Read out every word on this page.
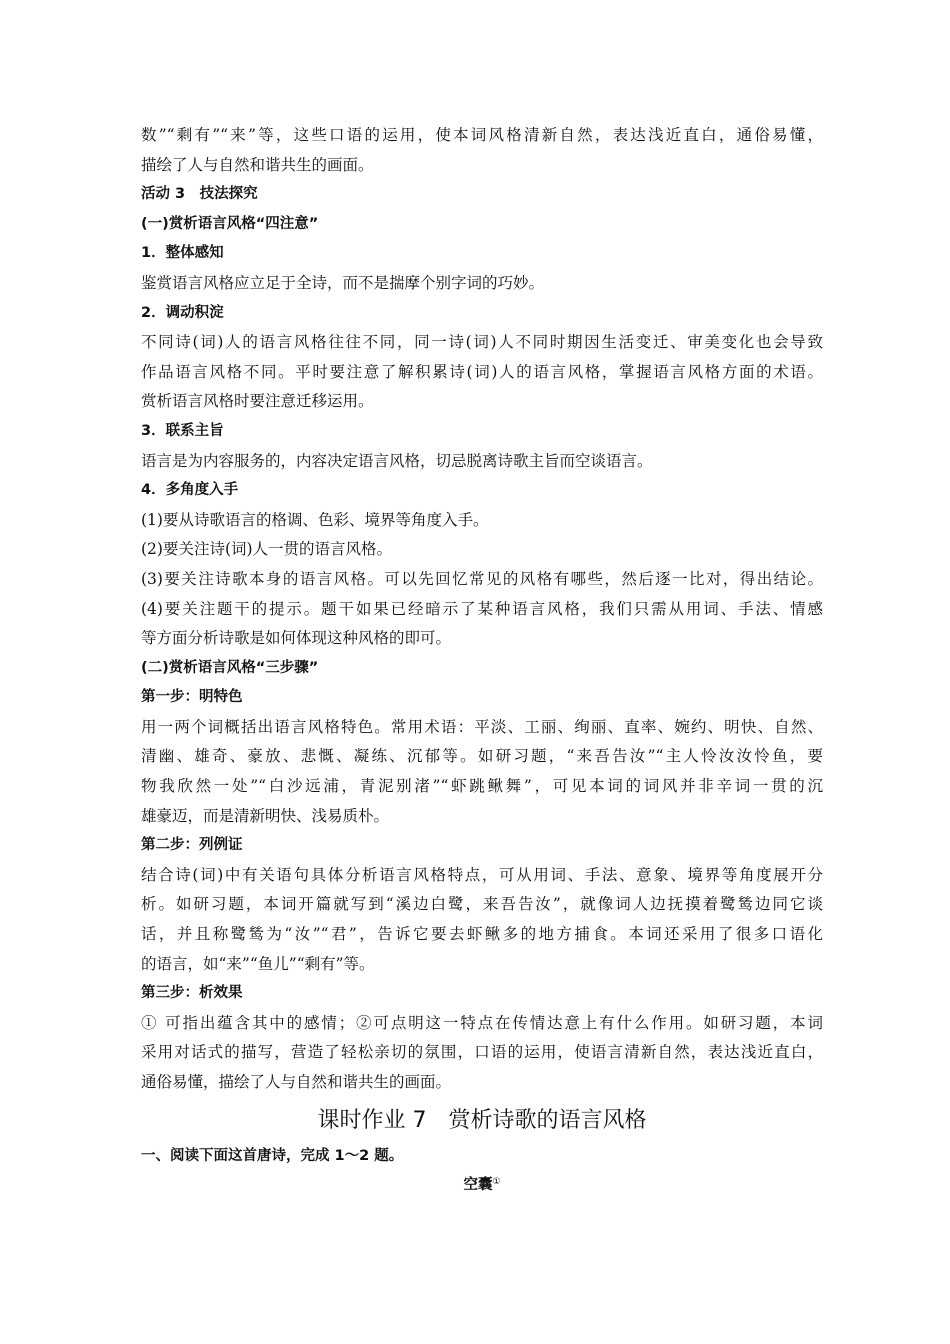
数”“剩有”“来”等，这些口语的运用，使本词风格清新自然，表达浅近直白，通俗易懂，
描绘了人与自然和谐共生的画面。
活动 3　技法探究
(一)赏析语言风格“四注意”
1．整体感知
鉴赏语言风格应立足于全诗，而不是揣摩个别字词的巧妙。
2．调动积淀
不同诗(词)人的语言风格往往不同，同一诗(词)人不同时期因生活变迁、审美变化也会导致
作品语言风格不同。平时要注意了解积累诗(词)人的语言风格，掌握语言风格方面的术语。
赏析语言风格时要注意迁移运用。
3．联系主旨
语言是为内容服务的，内容决定语言风格，切忌脱离诗歌主旨而空谈语言。
4．多角度入手
(1)要从诗歌语言的格调、色彩、境界等角度入手。
(2)要关注诗(词)人一贯的语言风格。
(3)要关注诗歌本身的语言风格。可以先回忆常见的风格有哪些，然后逐一比对，得出结论。
(4)要关注题干的提示。题干如果已经暗示了某种语言风格，我们只需从用词、手法、情感
等方面分析诗歌是如何体现这种风格的即可。
(二)赏析语言风格“三步骤”
第一步：明特色
用一两个词概括出语言风格特色。常用术语：平淡、工丽、绚丽、直率、婉约、明快、自然、
清幽、雄奇、豪放、悲慨、凝练、沉郁等。如研习题，“来吾告汝”“主人怜汝汝怜鱼，要
物我欣然一处”“白沙远浦，青泥别渚”“虾跳鳅舞”，可见本词的词风并非辛词一贯的沉
雄豪迈，而是清新明快、浅易质朴。
第二步：列例证
结合诗(词)中有关语句具体分析语言风格特点，可从用词、手法、意象、境界等角度展开分
析。如研习题，本词开篇就写到“溪边白鹭，来吾告汝”，就像词人边抚摸着鹭鸶边同它谈
话，并且称鹭鸶为“汝”“君”，告诉它要去虾鳅多的地方捕食。本词还采用了很多口语化
的语言，如“来”“鱼儿”“剩有”等。
第三步：析效果
① 可指出蕴含其中的感情；②可点明这一特点在传情达意上有什么作用。如研习题，本词
采用对话式的描写，营造了轻松亲切的氛围，口语的运用，使语言清新自然，表达浅近直白，
通俗易懂，描绘了人与自然和谐共生的画面。
课时作业 7　赏析诗歌的语言风格
一、阅读下面这首唐诗，完成 1～2 题。
空囊①
